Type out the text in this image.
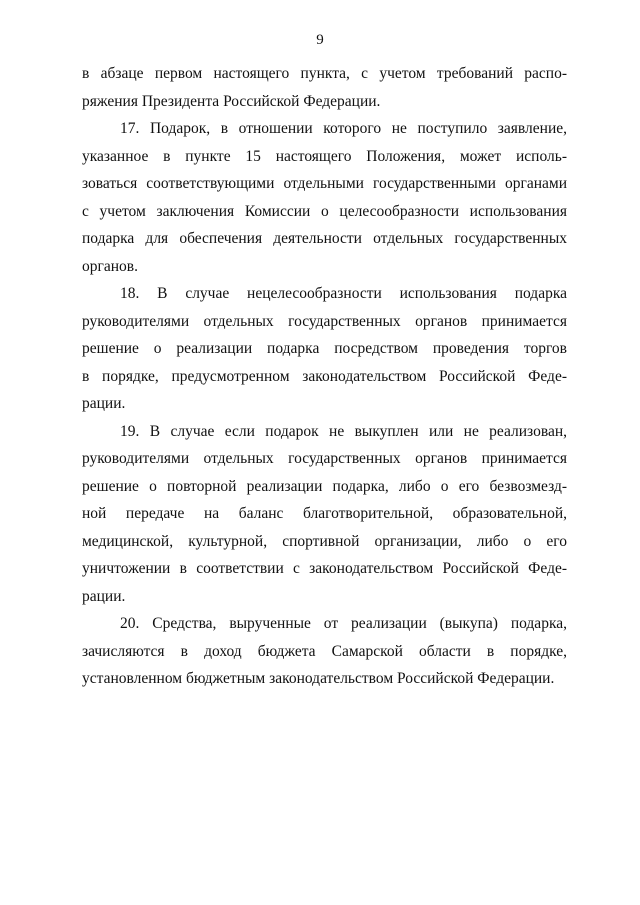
9
в абзаце первом настоящего пункта, с учетом требований распо-
ряжения Президента Российской Федерации.
17. Подарок, в отношении которого не поступило заявление,
указанное в пункте 15 настоящего Положения, может исполь-
зоваться соответствующими отдельными государственными органами
с учетом заключения Комиссии о целесообразности использования
подарка для обеспечения деятельности отдельных государственных
органов.
18. В случае нецелесообразности использования подарка
руководителями отдельных государственных органов принимается
решение о реализации подарка посредством проведения торгов
в порядке, предусмотренном законодательством Российской Феде-
рации.
19. В случае если подарок не выкуплен или не реализован,
руководителями отдельных государственных органов принимается
решение о повторной реализации подарка, либо о его безвозмезд-
ной передаче на баланс благотворительной, образовательной,
медицинской, культурной, спортивной организации, либо о его
уничтожении в соответствии с законодательством Российской Феде-
рации.
20. Средства, вырученные от реализации (выкупа) подарка,
зачисляются в доход бюджета Самарской области в порядке,
установленном бюджетным законодательством Российской Федерации.
